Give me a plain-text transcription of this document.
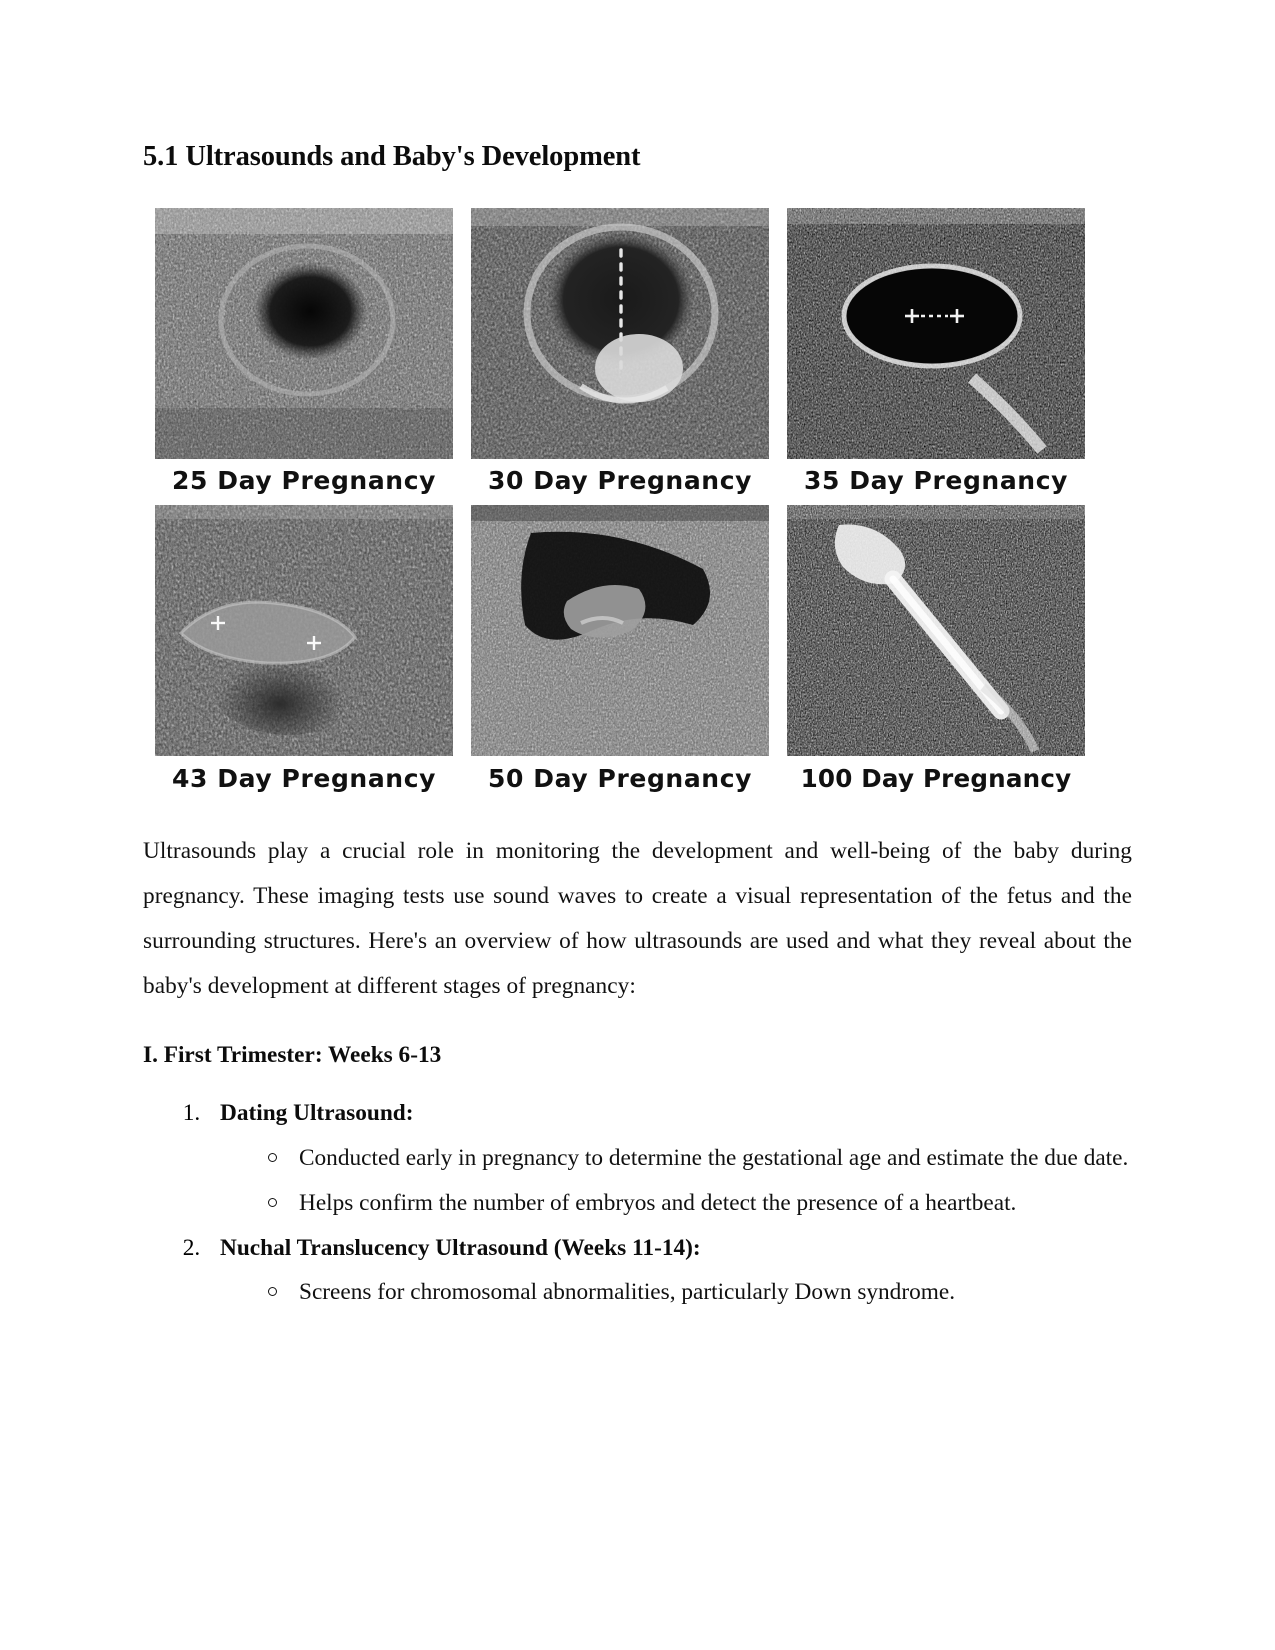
5.1 Ultrasounds and Baby's Development
25 Day Pregnancy	30 Day Pregnancy	35 Day Pregnancy
43 Day Pregnancy	50 Day Pregnancy	100 Day Pregnancy

Ultrasounds play a crucial role in monitoring the development and well-being of the baby during pregnancy. These imaging tests use sound waves to create a visual representation of the fetus and the surrounding structures. Here's an overview of how ultrasounds are used and what they reveal about the baby's development at different stages of pregnancy:

I. First Trimester: Weeks 6-13

1. Dating Ultrasound:
Conducted early in pregnancy to determine the gestational age and estimate the due date.
Helps confirm the number of embryos and detect the presence of a heartbeat.
2. Nuchal Translucency Ultrasound (Weeks 11-14):
Screens for chromosomal abnormalities, particularly Down syndrome.
